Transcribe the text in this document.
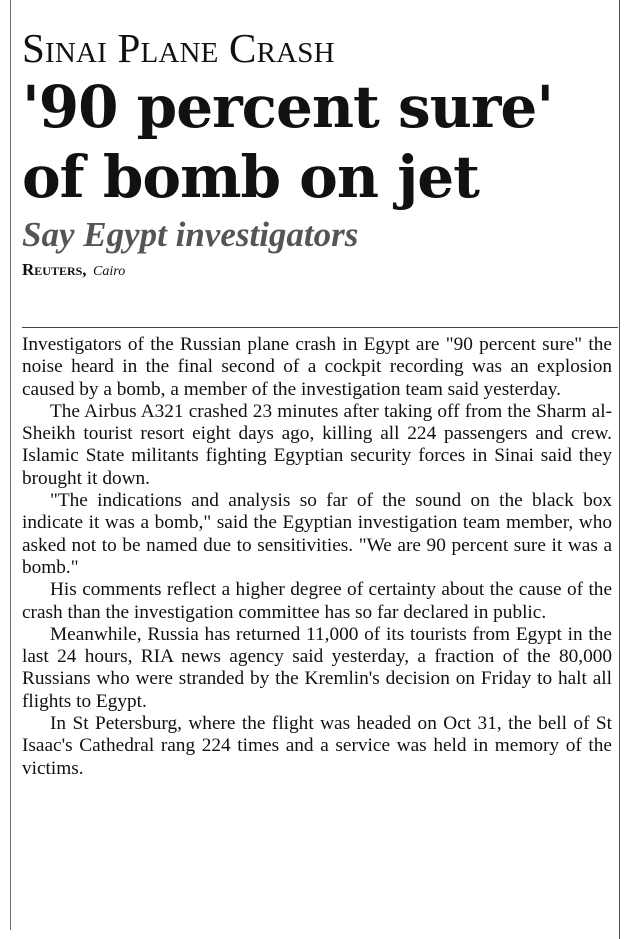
Sinai Plane Crash
'90 percent sure'
of bomb on jet
Say Egypt investigators
Reuters, Cairo

Investigators of the Russian plane crash in Egypt are "90 percent sure" the noise heard in the final second of a cockpit recording was an explosion caused by a bomb, a member of the investigation team said yesterday.

The Airbus A321 crashed 23 minutes after taking off from the Sharm al-Sheikh tourist resort eight days ago, killing all 224 passengers and crew. Islamic State militants fighting Egyptian security forces in Sinai said they brought it down.

"The indications and analysis so far of the sound on the black box indicate it was a bomb," said the Egyptian investigation team member, who asked not to be named due to sensitivities. "We are 90 percent sure it was a bomb."

His comments reflect a higher degree of certainty about the cause of the crash than the investigation committee has so far declared in public.

Meanwhile, Russia has returned 11,000 of its tourists from Egypt in the last 24 hours, RIA news agency said yesterday, a fraction of the 80,000 Russians who were stranded by the Kremlin's decision on Friday to halt all flights to Egypt.

In St Petersburg, where the flight was headed on Oct 31, the bell of St Isaac's Cathedral rang 224 times and a service was held in memory of the victims.
